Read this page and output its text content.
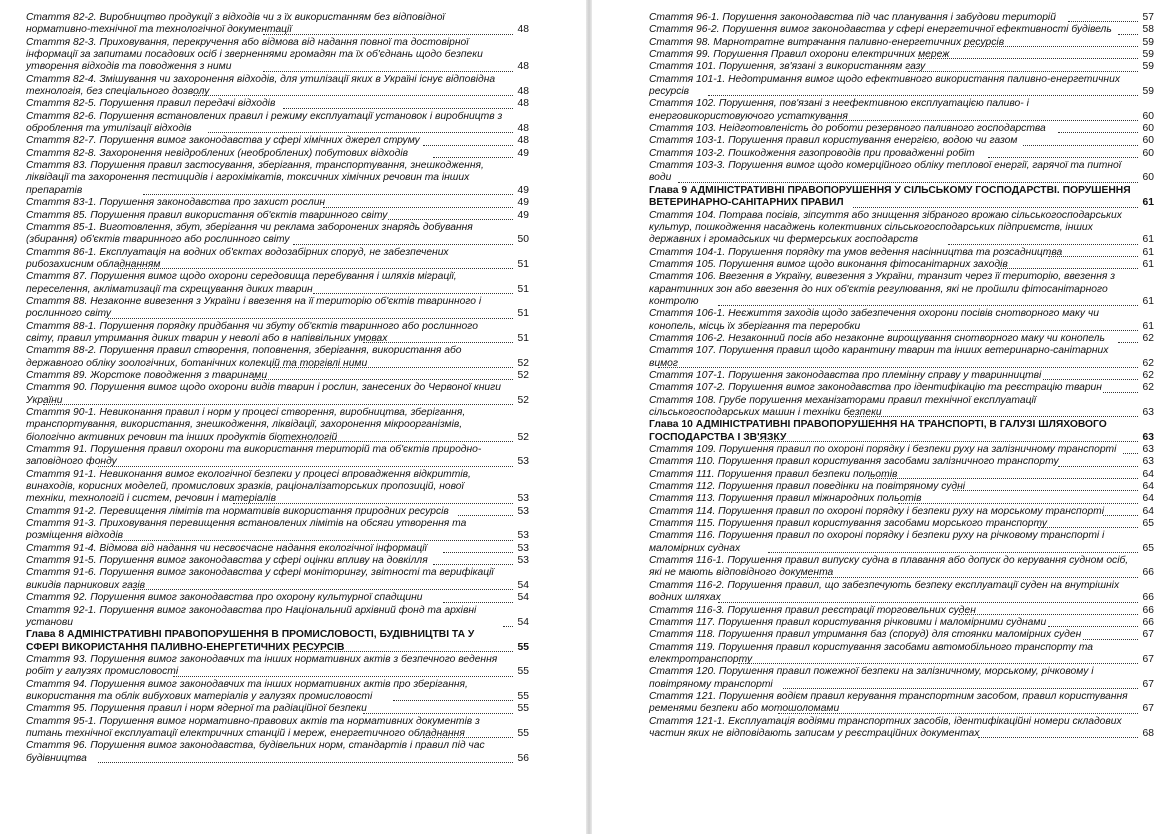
Стаття 82-2. Виробництво продукції з відходів чи з їх використанням без відповідної нормативно-технічної та технологічної документації	48
Стаття 82-3. Приховування, перекручення або відмова від надання повної та достовірної інформації за запитами посадових осіб і зверненнями громадян та їх об'єднань щодо безпеки утворення відходів та поводження з ними	48
Стаття 82-4. Змішування чи захоронення відходів, для утилізації яких в Україні існує відповідна технологія, без спеціального дозволу	48
Стаття 82-5. Порушення правил передачі відходів	48
Стаття 82-6. Порушення встановлених правил і режиму експлуатації установок і виробництв з оброблення та утилізації відходів	48
Стаття 82-7. Порушення вимог законодавства у сфері хімічних джерел струму	48
Стаття 82-8. Захоронення невідроблених (необроблених) побутових відходів	49
Стаття 83. Порушення правил застосування, зберігання, транспортування, знешкодження, ліквідації та захоронення пестицидів і агрохімікатів, токсичних хімічних речовин та інших препаратів	49
Стаття 83-1. Порушення законодавства про захист рослин	49
Стаття 85. Порушення правил використання об'єктів тваринного світу	49
Стаття 85-1. Виготовлення, збут, зберігання чи реклама заборонених знарядь добування (збирання) об'єктів тваринного або рослинного світу	50
Стаття 86-1. Експлуатація на водних об'єктах водозабірних споруд, не забезпечених рибозахисним обладнанням	51
Стаття 87. Порушення вимог щодо охорони середовища перебування і шляхів міграції, переселення, акліматизації та схрещування диких тварин	51
Стаття 88. Незаконне вивезення з України і ввезення на її територію об'єктів тваринного і рослинного світу	51
Стаття 88-1. Порушення порядку придбання чи збуту об'єктів тваринного або рослинного світу, правил утримання диких тварин у неволі або в напіввільних умовах	51
Стаття 88-2. Порушення правил створення, поповнення, зберігання, використання або державного обліку зоологічних, ботанічних колекцій та торгівлі ними	52
Стаття 89. Жорстоке поводження з тваринами	52
Стаття 90. Порушення вимог щодо охорони видів тварин і рослин, занесених до Червоної книги України	52
Стаття 90-1. Невиконання правил і норм у процесі створення, виробництва, зберігання, транспортування, використання, знешкодження, ліквідації, захоронення мікроорганізмів, біологічно активних речовин та інших продуктів біотехнологій	52
Стаття 91. Порушення правил охорони та використання територій та об'єктів природно-заповідного фонду	53
Стаття 91-1. Невиконання вимог екологічної безпеки у процесі впровадження відкриттів, винаходів, корисних моделей, промислових зразків, раціоналізаторських пропозицій, нової техніки, технологій і систем, речовин і матеріалів	53
Стаття 91-2. Перевищення лімітів та нормативів використання природних ресурсів	53
Стаття 91-3. Приховування перевищення встановлених лімітів на обсяги утворення та розміщення відходів	53
Стаття 91-4. Відмова від надання чи несвоєчасне надання екологічної інформації	53
Стаття 91-5. Порушення вимог законодавства у сфері оцінки впливу на довкілля	53
Стаття 91-6. Порушення вимог законодавства у сфері моніторингу, звітності та верифікації викидів парникових газів	54
Стаття 92. Порушення вимог законодавства про охорону культурної спадщини	54
Стаття 92-1. Порушення вимог законодавства про Національний архівний фонд та архівні установи	54
Глава 8 АДМІНІСТРАТИВНІ ПРАВОПОРУШЕННЯ В ПРОМИСЛОВОСТІ, БУДІВНИЦТВІ ТА У СФЕРІ ВИКОРИСТАННЯ ПАЛИВНО-ЕНЕРГЕТИЧНИХ РЕСУРСІВ	55
Стаття 93. Порушення вимог законодавчих та інших нормативних актів з безпечного ведення робіт у галузях промисловості	55
Стаття 94. Порушення вимог законодавчих та інших нормативних актів про зберігання, використання та облік вибухових матеріалів у галузях промисловості	55
Стаття 95. Порушення правил і норм ядерної та радіаційної безпеки	55
Стаття 95-1. Порушення вимог нормативно-правових актів та нормативних документів з питань технічної експлуатації електричних станцій і мереж, енергетичного обладнання	55
Стаття 96. Порушення вимог законодавства, будівельних норм, стандартів і правил під час будівництва	56
Стаття 96-1. Порушення законодавства під час планування і забудови територій	57
Стаття 96-2. Порушення вимог законодавства у сфері енергетичної ефективності будівель	58
Стаття 98. Марнотратне витрачання паливно-енергетичних ресурсів	59
Стаття 99. Порушення Правил охорони електричних мереж	59
Стаття 101. Порушення, зв'язані з використанням газу	59
Стаття 101-1. Недотримання вимог щодо ефективного використання паливно-енергетичних ресурсів	59
Стаття 102. Порушення, пов'язані з неефективною експлуатацією паливо- і енерговикористовуючого устаткування	60
Стаття 103. Неідготовленість до роботи резервного паливного господарства	60
Стаття 103-1. Порушення правил користування енергією, водою чи газом	60
Стаття 103-2. Пошкодження газопроводів при провадженні робіт	60
Стаття 103-3. Порушення вимог щодо комерційного обліку теплової енергії, гарячої та питної води	60
Глава 9 АДМІНІСТРАТИВНІ ПРАВОПОРУШЕННЯ У СІЛЬСЬКОМУ ГОСПОДАРСТВІ. ПОРУШЕННЯ ВЕТЕРИНАРНО-САНІТАРНИХ ПРАВИЛ	61
Стаття 104. Потрава посівів, зіпсуття або знищення зібраного врожаю сільськогосподарських культур, пошкодження насаджень колективних сільськогосподарських підприємств, інших державних і громадських чи фермерських господарств	61
Стаття 104-1. Порушення порядку та умов ведення насінництва та розсадництва	61
Стаття 105. Порушення вимог щодо виконання фітосанітарних заходів	61
Стаття 106. Ввезення в Україну, вивезення з України, транзит через її територію, ввезення з карантинних зон або ввезення до них об'єктів регулювання, які не пройшли фітосанітарного контролю	61
Стаття 106-1. Неєжиття заходів щодо забезпечення охорони посівів снотворного маку чи конопель, місць їх зберігання та переробки	61
Стаття 106-2. Незаконний посів або незаконне вирощування снотворного маку чи конопель	62
Стаття 107. Порушення правил щодо карантину тварин та інших ветеринарно-санітарних вимог	62
Стаття 107-1. Порушення законодавства про племінну справу у тваринництві	62
Стаття 107-2. Порушення вимог законодавства про ідентифікацію та реєстрацію тварин	62
Стаття 108. Грубе порушення механізаторами правил технічної експлуатації сільськогосподарських машин і техніки безпеки	63
Глава 10 АДМІНІСТРАТИВНІ ПРАВОПОРУШЕННЯ НА ТРАНСПОРТІ, В ГАЛУЗІ ШЛЯХОВОГО ГОСПОДАРСТВА І ЗВ'ЯЗКУ	63
Стаття 109. Порушення правил по охороні порядку і безпеки руху на залізничному транспорті	63
Стаття 110. Порушення правил користування засобами залізничного транспорту	63
Стаття 111. Порушення правил безпеки польотів	64
Стаття 112. Порушення правил поведінки на повітряному судні	64
Стаття 113. Порушення правил міжнародних польотів	64
Стаття 114. Порушення правил по охороні порядку і безпеки руху на морському транспорті	64
Стаття 115. Порушення правил користування засобами морського транспорту	65
Стаття 116. Порушення правил по охороні порядку і безпеки руху на річковому транспорті і маломірних суднах	65
Стаття 116-1. Порушення правил випуску судна в плавання або допуск до керування судном осіб, які не мають відповідного документа	66
Стаття 116-2. Порушення правил, що забезпечують безпеку експлуатації суден на внутрішніх водних шляхах	66
Стаття 116-3. Порушення правил реєстрації торговельних суден	66
Стаття 117. Порушення правил користування річковими і маломірними суднами	66
Стаття 118. Порушення правил утримання баз (споруд) для стоянки маломірних суден	67
Стаття 119. Порушення правил користування засобами автомобільного транспорту та електротранспорту	67
Стаття 120. Порушення правил пожежної безпеки на залізничному, морському, річковому і повітряному транспорті	67
Стаття 121. Порушення водієм правил керування транспортним засобом, правил користування ременями безпеки або мотошоломами	67
Стаття 121-1. Експлуатація водіями транспортних засобів, ідентифікаційні номери складових частин яких не відповідають записам у реєстраційних документах	68
